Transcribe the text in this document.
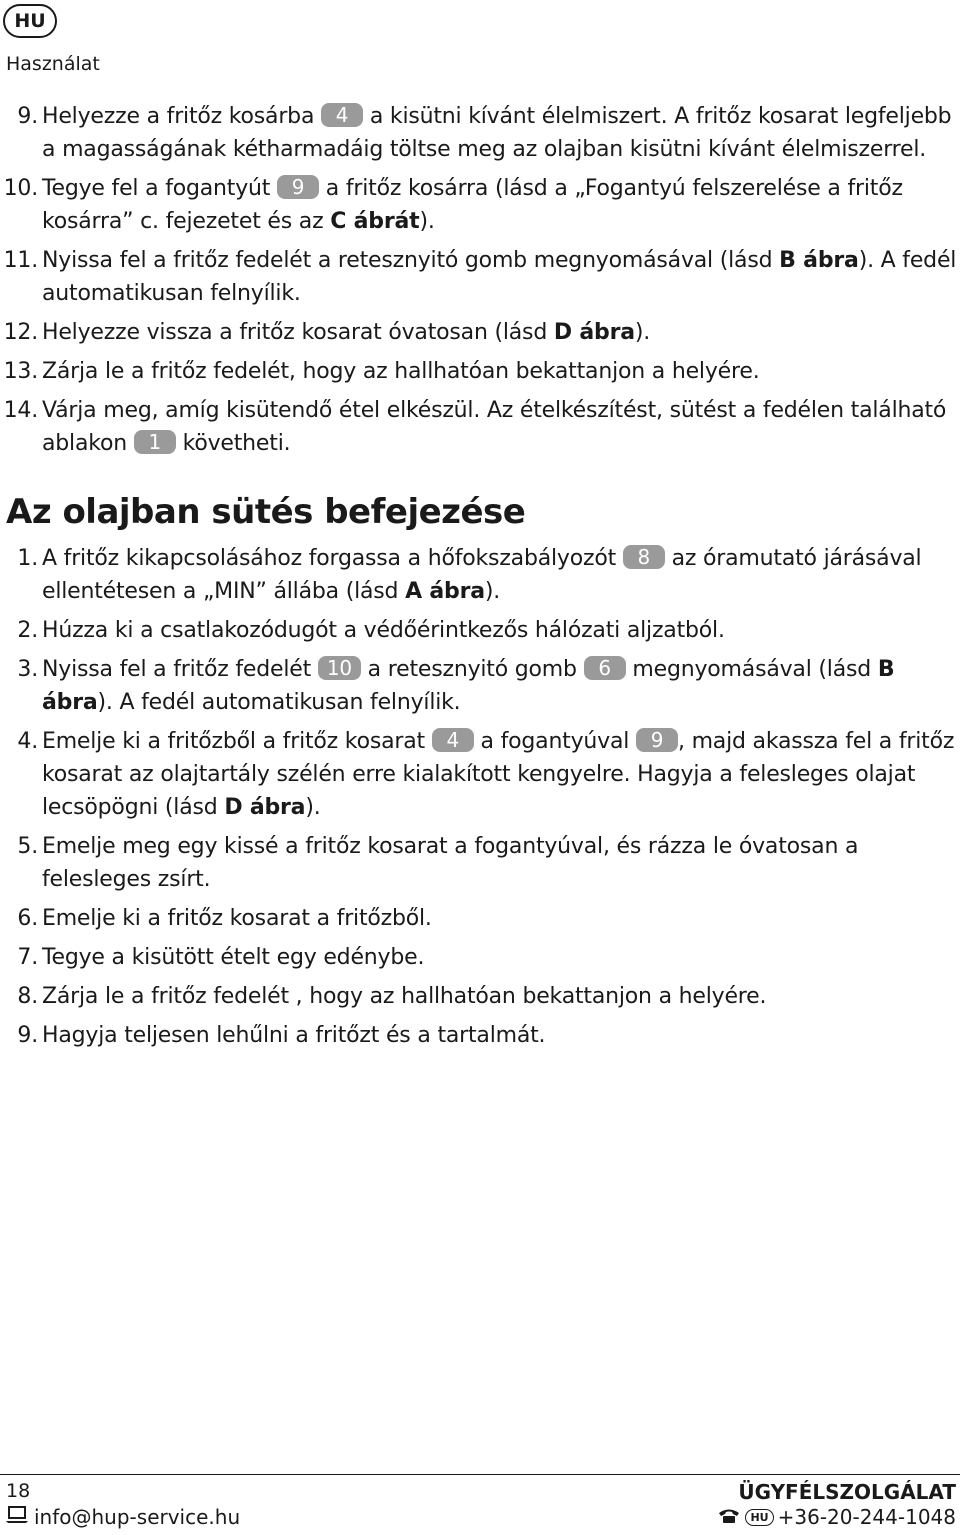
HU
Használat
9. Helyezze a fritőz kosárba 4 a kisütni kívánt élelmiszert. A fritőz kosarat legfeljebb a magasságának kétharmadáig töltse meg az olajban kisütni kívánt élelmiszerrel.
10. Tegye fel a fogantyút 9 a fritőz kosárra (lásd a „Fogantyú felszerelése a fritőz kosárra” c. fejezetet és az C ábrát).
11. Nyissa fel a fritőz fedelét a retesznyitó gomb megnyomásával (lásd B ábra). A fedél automatikusan felnyílik.
12. Helyezze vissza a fritőz kosarat óvatosan (lásd D ábra).
13. Zárja le a fritőz fedelét, hogy az hallhatóan bekattanjon a helyére.
14. Várja meg, amíg kisütendő étel elkészül. Az ételkészítést, sütést a fedélen található ablakon 1 követheti.
Az olajban sütés befejezése
1. A fritőz kikapcsolásához forgassa a hőfokszabályozót 8 az óramutató járásával ellentétesen a „MIN” állába (lásd A ábra).
2. Húzza ki a csatlakozódugót a védőérintkezős hálózati aljzatból.
3. Nyissa fel a fritőz fedelét 10 a retesznyitó gomb 6 megnyomásával (lásd B ábra). A fedél automatikusan felnyílik.
4. Emelje ki a fritőzből a fritőz kosarat 4 a fogantyúval 9 , majd akassza fel a fritőz kosarat az olajtartály szélén erre kialakított kengyelre. Hagyja a felesleges olajat lecsöpögni (lásd D ábra).
5. Emelje meg egy kissé a fritőz kosarat a fogantyúval, és rázza le óvatosan a felesleges zsírt.
6. Emelje ki a fritőz kosarat a fritőzből.
7. Tegye a kisütött ételt egy edénybe.
8. Zárja le a fritőz fedelét , hogy az hallhatóan bekattanjon a helyére.
9. Hagyja teljesen lehűlni a fritőzt és a tartalmát.
18
info@hup-service.hu
ÜGYFÉLSZOLGÁLAT
HU +36-20-244-1048
